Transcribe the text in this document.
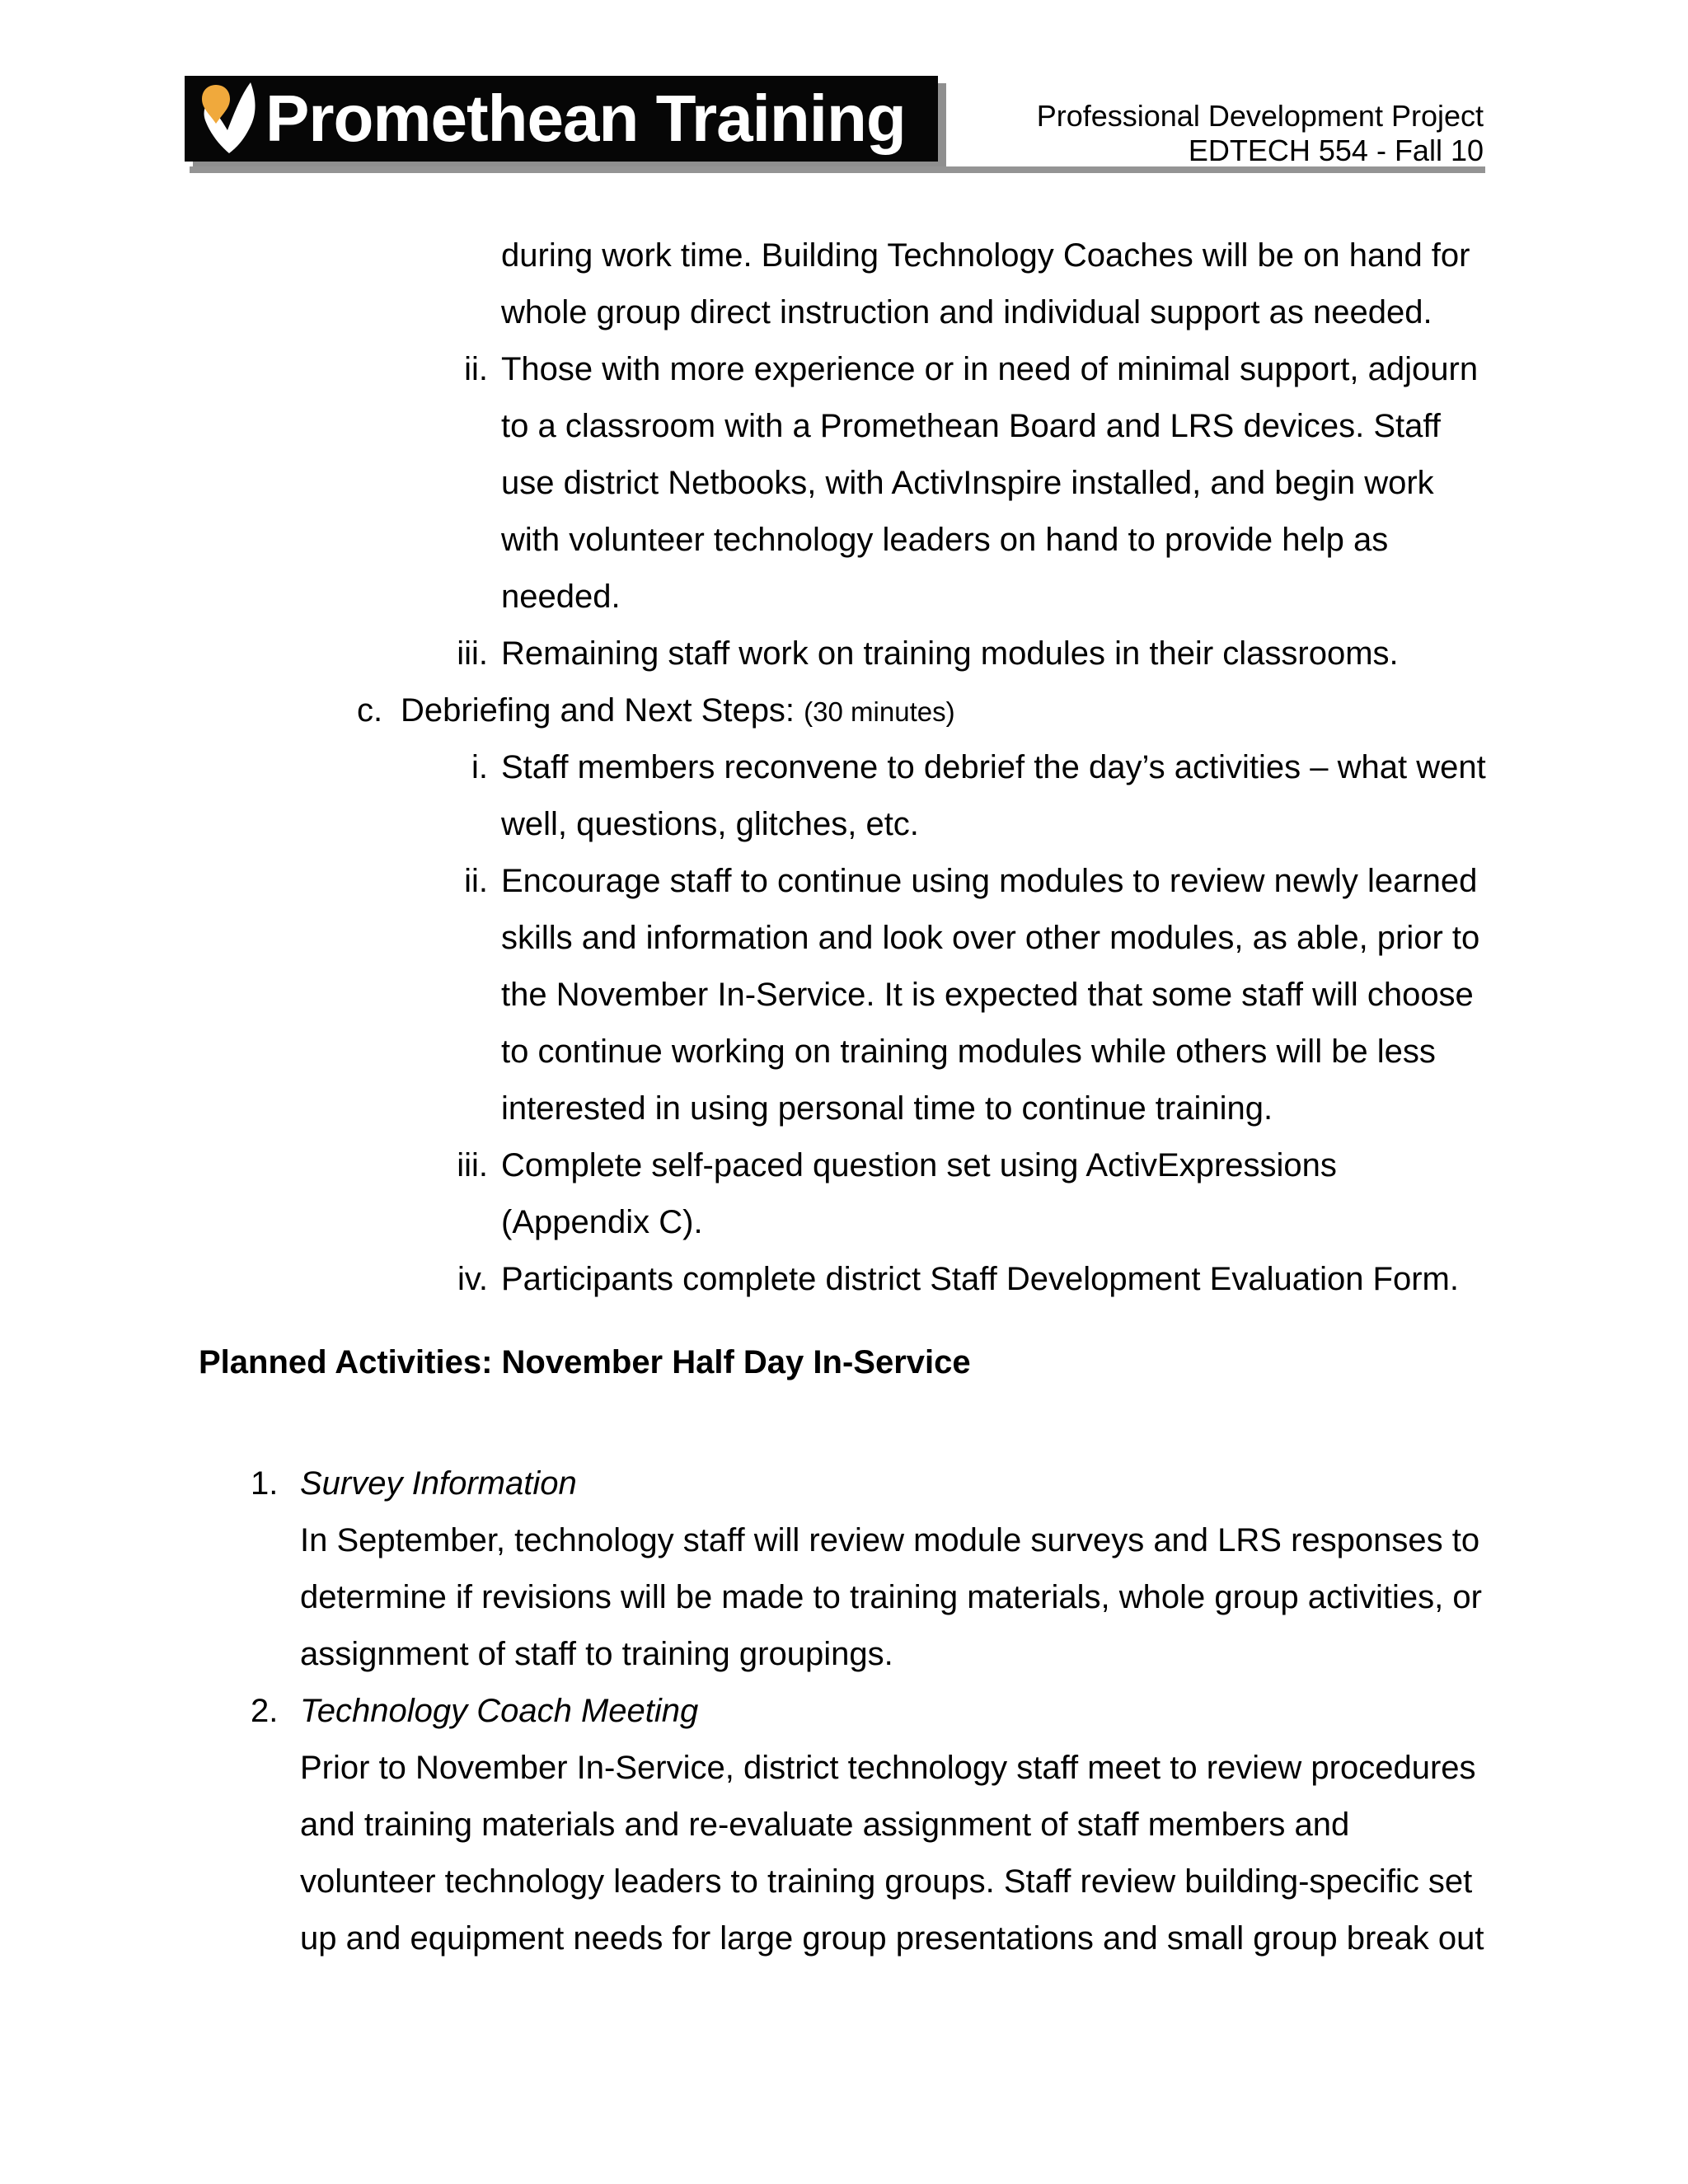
Promethean Training	Professional Development Project
EDTECH 554 - Fall 10
during work time. Building Technology Coaches will be on hand for
whole group direct instruction and individual support as needed.
ii. Those with more experience or in need of minimal support, adjourn
to a classroom with a Promethean Board and LRS devices. Staff
use district Netbooks, with ActivInspire installed, and begin work
with volunteer technology leaders on hand to provide help as
needed.
iii. Remaining staff work on training modules in their classrooms.
c. Debriefing and Next Steps: (30 minutes)
i. Staff members reconvene to debrief the day’s activities – what went
well, questions, glitches, etc.
ii. Encourage staff to continue using modules to review newly learned
skills and information and look over other modules, as able, prior to
the November In-Service. It is expected that some staff will choose
to continue working on training modules while others will be less
interested in using personal time to continue training.
iii. Complete self-paced question set using ActivExpressions
(Appendix C).
iv. Participants complete district Staff Development Evaluation Form.
Planned Activities: November Half Day In-Service
1. Survey Information
In September, technology staff will review module surveys and LRS responses to
determine if revisions will be made to training materials, whole group activities, or
assignment of staff to training groupings.
2. Technology Coach Meeting
Prior to November In-Service, district technology staff meet to review procedures
and training materials and re-evaluate assignment of staff members and
volunteer technology leaders to training groups. Staff review building-specific set
up and equipment needs for large group presentations and small group break out
